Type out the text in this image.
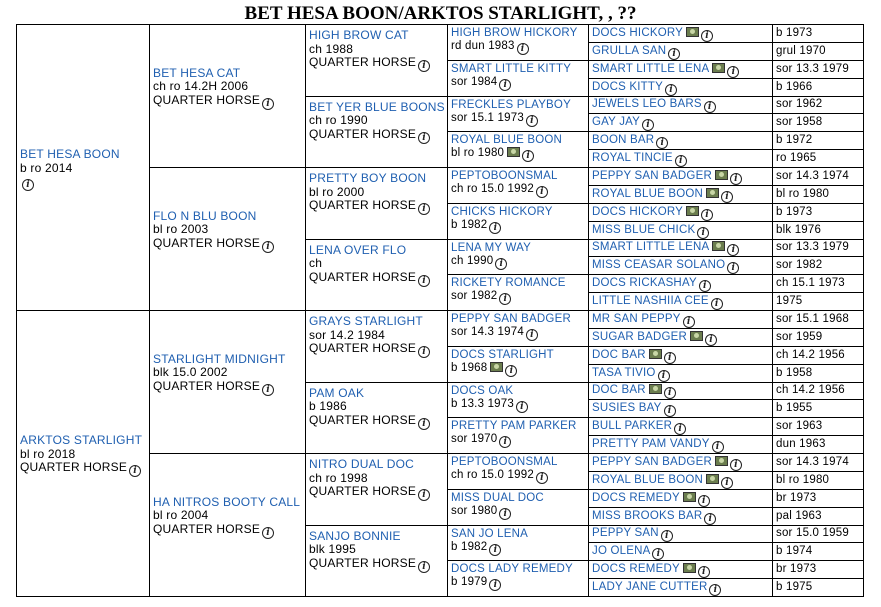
BET HESA BOON/ARKTOS STARLIGHT, , ??
BET HESA BOON
b ro 2014
i
ARKTOS STARLIGHT
bl ro 2018
QUARTER HORSE i
BET HESA CAT
ch ro 14.2H 2006
QUARTER HORSE i
FLO N BLU BOON
bl ro 2003
QUARTER HORSE i
STARLIGHT MIDNIGHT
blk 15.0 2002
QUARTER HORSE i
HA NITROS BOOTY CALL
bl ro 2004
QUARTER HORSE i
HIGH BROW CAT
ch 1988
QUARTER HORSE i
BET YER BLUE BOONS
ch ro 1990
QUARTER HORSE i
PRETTY BOY BOON
bl ro 2000
QUARTER HORSE i
LENA OVER FLO
ch
QUARTER HORSE i
GRAYS STARLIGHT
sor 14.2 1984
QUARTER HORSE i
PAM OAK
b 1986
QUARTER HORSE i
NITRO DUAL DOC
ch ro 1998
QUARTER HORSE i
SANJO BONNIE
blk 1995
QUARTER HORSE i
HIGH BROW HICKORY
rd dun 1983 i
SMART LITTLE KITTY
sor 1984 i
FRECKLES PLAYBOY
sor 15.1 1973 i
ROYAL BLUE BOON
bl ro 1980 i
PEPTOBOONSMAL
ch ro 15.0 1992 i
CHICKS HICKORY
b 1982 i
LENA MY WAY
ch 1990 i
RICKETY ROMANCE
sor 1982 i
PEPPY SAN BADGER
sor 14.3 1974 i
DOCS STARLIGHT
b 1968 i
DOCS OAK
b 13.3 1973 i
PRETTY PAM PARKER
sor 1970 i
PEPTOBOONSMAL
ch ro 15.0 1992 i
MISS DUAL DOC
sor 1980 i
SAN JO LENA
b 1982 i
DOCS LADY REMEDY
b 1979 i
b 1973
DOCS HICKORY i
grul 1970
GRULLA SAN i
sor 13.3 1979
SMART LITTLE LENA i
b 1966
DOCS KITTY i
sor 1962
JEWELS LEO BARS i
sor 1958
GAY JAY i
b 1972
BOON BAR i
ro 1965
ROYAL TINCIE i
sor 14.3 1974
PEPPY SAN BADGER i
bl ro 1980
ROYAL BLUE BOON i
b 1973
DOCS HICKORY i
blk 1976
MISS BLUE CHICK i
sor 13.3 1979
SMART LITTLE LENA i
sor 1982
MISS CEASAR SOLANO i
ch 15.1 1973
DOCS RICKASHAY i
1975
LITTLE NASHIIA CEE i
sor 15.1 1968
MR SAN PEPPY i
sor 1959
SUGAR BADGER i
ch 14.2 1956
DOC BAR i
b 1958
TASA TIVIO i
ch 14.2 1956
DOC BAR i
b 1955
SUSIES BAY i
sor 1963
BULL PARKER i
dun 1963
PRETTY PAM VANDY i
sor 14.3 1974
PEPPY SAN BADGER i
bl ro 1980
ROYAL BLUE BOON i
br 1973
DOCS REMEDY i
pal 1963
MISS BROOKS BAR i
sor 15.0 1959
PEPPY SAN i
b 1974
JO OLENA i
br 1973
DOCS REMEDY i
b 1975
LADY JANE CUTTER i
